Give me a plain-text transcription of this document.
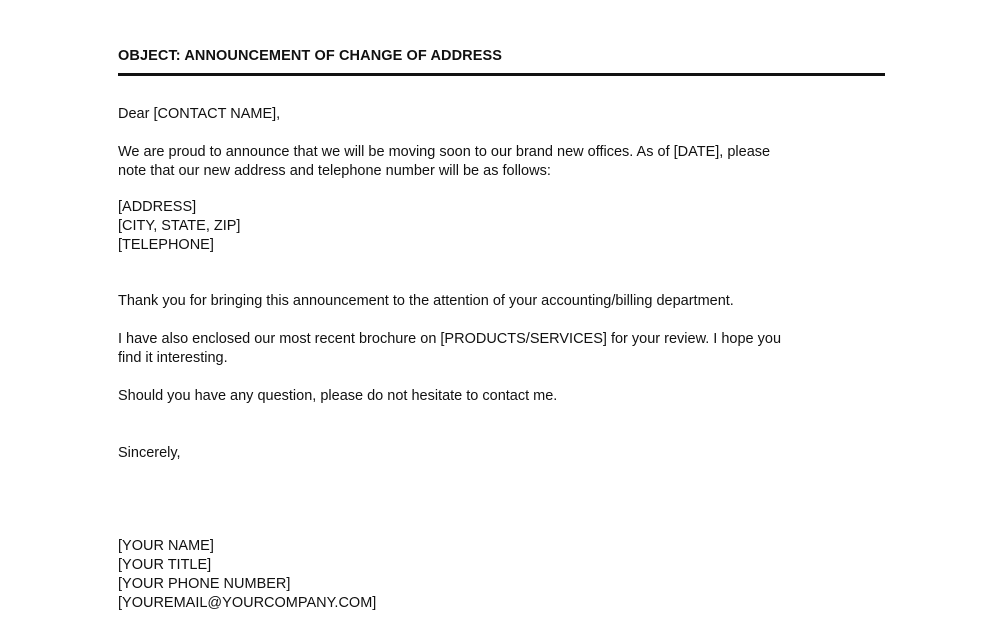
OBJECT: ANNOUNCEMENT OF CHANGE OF ADDRESS

Dear [CONTACT NAME],

We are proud to announce that we will be moving soon to our brand new offices. As of [DATE], please
note that our new address and telephone number will be as follows:

[ADDRESS]
[CITY, STATE, ZIP]
[TELEPHONE]

Thank you for bringing this announcement to the attention of your accounting/billing department.

I have also enclosed our most recent brochure on [PRODUCTS/SERVICES] for your review. I hope you
find it interesting.

Should you have any question, please do not hesitate to contact me.

Sincerely,

[YOUR NAME]
[YOUR TITLE]
[YOUR PHONE NUMBER]
[YOUREMAIL@YOURCOMPANY.COM]
